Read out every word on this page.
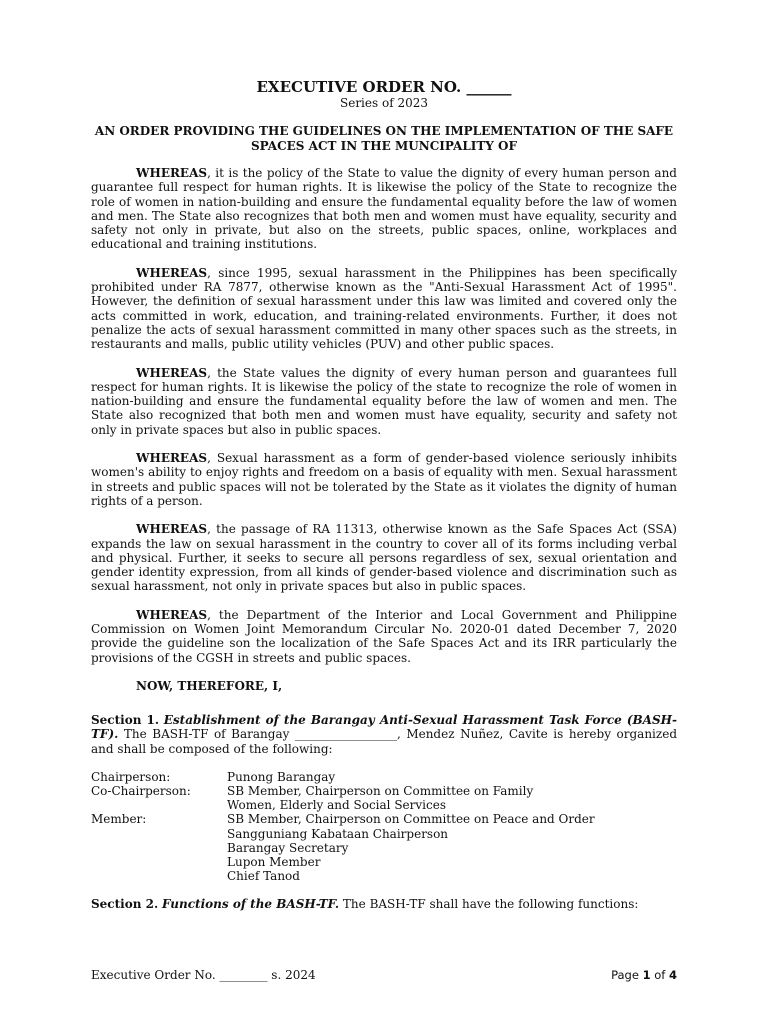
EXECUTIVE ORDER NO. ______
Series of 2023
AN ORDER PROVIDING THE GUIDELINES ON THE IMPLEMENTATION OF THE SAFE SPACES ACT IN THE MUNCIPALITY OF

WHEREAS, it is the policy of the State to value the dignity of every human person and guarantee full respect for human rights. It is likewise the policy of the State to recognize the role of women in nation-building and ensure the fundamental equality before the law of women and men. The State also recognizes that both men and women must have equality, security and safety not only in private, but also on the streets, public spaces, online, workplaces and educational and training institutions.

WHEREAS, since 1995, sexual harassment in the Philippines has been specifically prohibited under RA 7877, otherwise known as the "Anti-Sexual Harassment Act of 1995". However, the definition of sexual harassment under this law was limited and covered only the acts committed in work, education, and training-related environments. Further, it does not penalize the acts of sexual harassment committed in many other spaces such as the streets, in restaurants and malls, public utility vehicles (PUV) and other public spaces.

WHEREAS, the State values the dignity of every human person and guarantees full respect for human rights. It is likewise the policy of the state to recognize the role of women in nation-building and ensure the fundamental equality before the law of women and men. The State also recognized that both men and women must have equality, security and safety not only in private spaces but also in public spaces.

WHEREAS, Sexual harassment as a form of gender-based violence seriously inhibits women's ability to enjoy rights and freedom on a basis of equality with men. Sexual harassment in streets and public spaces will not be tolerated by the State as it violates the dignity of human rights of a person.

WHEREAS, the passage of RA 11313, otherwise known as the Safe Spaces Act (SSA) expands the law on sexual harassment in the country to cover all of its forms including verbal and physical. Further, it seeks to secure all persons regardless of sex, sexual orientation and gender identity expression, from all kinds of gender-based violence and discrimination such as sexual harassment, not only in private spaces but also in public spaces.

WHEREAS, the Department of the Interior and Local Government and Philippine Commission on Women Joint Memorandum Circular No. 2020-01 dated December 7, 2020 provide the guideline son the localization of the Safe Spaces Act and its IRR particularly the provisions of the CGSH in streets and public spaces.

NOW, THEREFORE, I,

Section 1. Establishment of the Barangay Anti-Sexual Harassment Task Force (BASH-TF). The BASH-TF of Barangay _________________, Mendez Nuñez, Cavite is hereby organized and shall be composed of the following:

Chairperson:	Punong Barangay
Co-Chairperson:	SB Member, Chairperson on Committee on Family
Women, Elderly and Social Services
Member:	SB Member, Chairperson on Committee on Peace and Order
Sangguniang Kabataan Chairperson
Barangay Secretary
Lupon Member
Chief Tanod

Section 2. Functions of the BASH-TF. The BASH-TF shall have the following functions:

Executive Order No. ________ s. 2024	Page 1 of 4
